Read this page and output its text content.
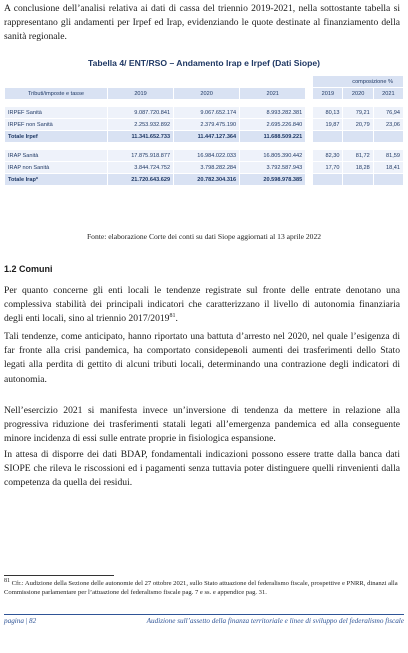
A conclusione dell’analisi relativa ai dati di cassa del triennio 2019-2021, nella sottostante tabella si rappresentano gli andamenti per Irpef ed Irap, evidenziando le quote destinate al finanziamento della sanità regionale.

Tabella 4/ ENT/RSO – Andamento Irap e Irpef (Dati Siope)
					composizione %		
Tributi/imposte e tasse	2019	2020	2021		2019	2020	2021

IRPEF Sanità	9.087.720.841	9.067.652.174	8.993.282.381		80,13	79,21	76,94
IRPEF non Sanità	2.253.932.892	2.379.475.190	2.695.226.840		19,87	20,79	23,06
Totale Irpef	11.341.652.733	11.447.127.364	11.688.509.221				

IRAP Sanità	17.875.918.877	16.984.022.033	16.805.390.442		82,30	81,72	81,59
IRAP non Sanità	3.844.724.752	3.798.282.284	3.792.587.943		17,70	18,28	18,41
Totale Irap*	21.720.643.629	20.782.304.316	20.598.978.385				
Fonte: elaborazione Corte dei conti su dati Siope aggiornati al 13 aprile 2022
1.2 Comuni

Per quanto concerne gli enti locali le tendenze registrate sul fronte delle entrate denotano una complessiva stabilità dei principali indicatori che caratterizzano il livello di autonomia finanziaria degli enti locali, sino al triennio 2017/2019$^{81}$.

Tali tendenze, come anticipato, hanno riportato una battuta d’arresto nel 2020, nel quale l’esigenza di far fronte alla crisi pandemica, ha comportato consideревoli aumenti dei trasferimenti dello Stato legati alla perdita di gettito di alcuni tributi locali, determinando una contrazione degli indicatori di autonomia.

Nell’esercizio 2021 si manifesta invece un’inversione di tendenza da mettere in relazione alla progressiva riduzione dei trasferimenti statali legati all’emergenza pandemica ed alla conseguente minore incidenza di essi sulle entrate proprie in fisiologica espansione.

In attesa di disporre dei dati BDAP, fondamentali indicazioni possono essere tratte dalla banca dati SIOPE che rileva le riscossioni ed i pagamenti senza tuttavia poter distinguere quelli rinvenienti dalla competenza da quella dei residui.

$^{81}$ Cfr.: Audizione della Sezione delle autonomie del 27 ottobre 2021, sullo Stato attuazione del federalismo fiscale, prospettive e PNRR, dinanzi alla Commissione parlamentare per l’attuazione del federalismo fiscale pag. 7 e ss. e appendice pag. 31.

pagina | 82	Audizione sull’assetto della finanza territoriale e linee di sviluppo del federalismo fiscale
